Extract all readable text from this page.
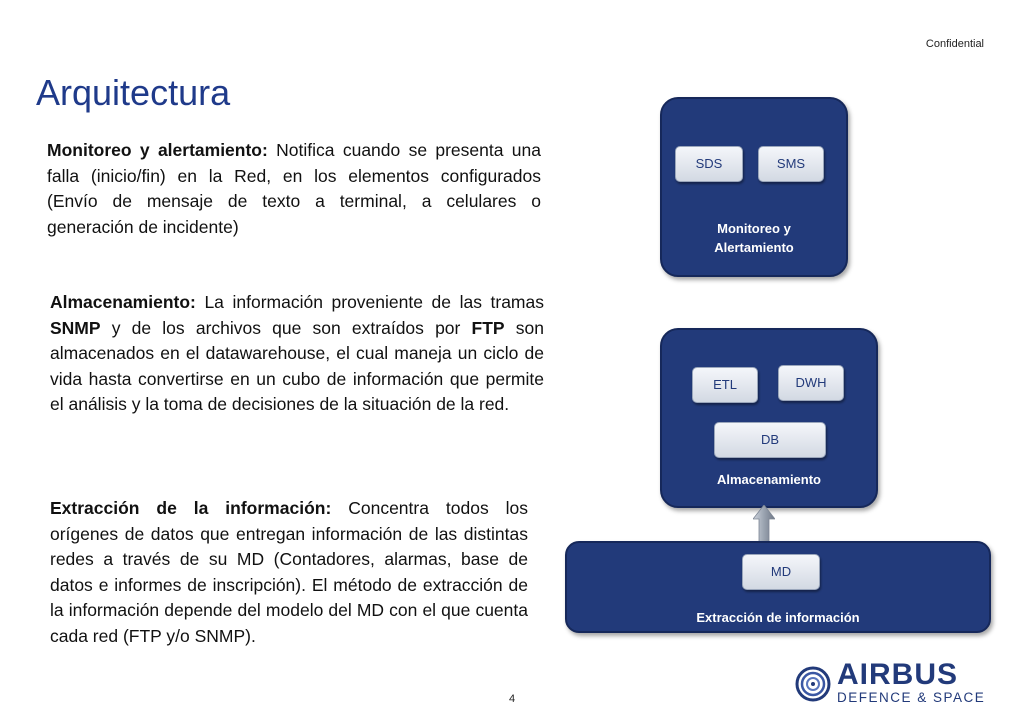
Confidential
Arquitectura
Monitoreo y alertamiento: Notifica cuando se presenta una falla (inicio/fin) en la Red, en los elementos configurados (Envío de mensaje de texto a terminal, a celulares o generación de incidente)
Almacenamiento: La información proveniente de las tramas SNMP y de los archivos que son extraídos por FTP son almacenados en el datawarehouse, el cual maneja un ciclo de vida hasta convertirse en un cubo de información que permite el análisis y la toma de decisiones de la situación de la red.
Extracción de la información: Concentra todos los orígenes de datos que entregan información de las distintas redes a través de su MD (Contadores, alarmas, base de datos e informes de inscripción). El método de extracción de la información depende del modelo del MD con el que cuenta cada red (FTP y/o SNMP).
SDS	SMS
Monitoreo y
Alertamiento
ETL	DWH
DB
Almacenamiento
MD
Extracción de información
4
AIRBUS
DEFENCE & SPACE
